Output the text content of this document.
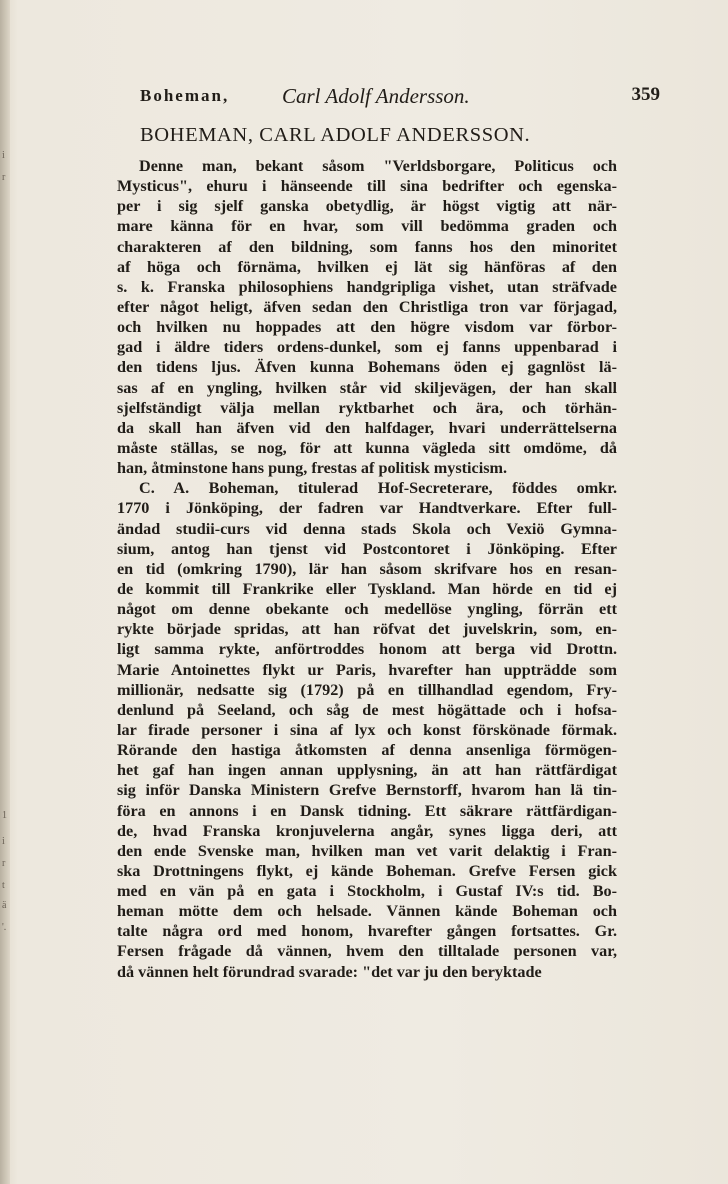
i
r
1
i
r
t
ä
'.
Boheman,	Carl Adolf Andersson.	359
BOHEMAN, CARL ADOLF ANDERSSON.
Denne man, bekant såsom "Verldsborgare, Politicus och
Mysticus", ehuru i hänseende till sina bedrifter och egenska-
per i sig sjelf ganska obetydlig, är högst vigtig att när-
mare känna för en hvar, som vill bedömma graden och
charakteren af den bildning, som fanns hos den minoritet
af höga och förnäma, hvilken ej lät sig hänföras af den
s. k. Franska philosophiens handgripliga vishet, utan sträfvade
efter något heligt, äfven sedan den Christliga tron var förjagad,
och hvilken nu hoppades att den högre visdom var förbor-
gad i äldre tiders ordens-dunkel, som ej fanns uppenbarad i
den tidens ljus. Äfven kunna Bohemans öden ej gagnlöst lä-
sas af en yngling, hvilken står vid skiljevägen, der han skall
sjelfständigt välja mellan ryktbarhet och ära, och törhän-
da skall han äfven vid den halfdager, hvari underrättelserna
måste ställas, se nog, för att kunna vägleda sitt omdöme, då
han, åtminstone hans pung, frestas af politisk mysticism.
C. A. Boheman, titulerad Hof-Secreterare, föddes omkr.
1770 i Jönköping, der fadren var Handtverkare. Efter full-
ändad studii-curs vid denna stads Skola och Vexiö Gymna-
sium, antog han tjenst vid Postcontoret i Jönköping. Efter
en tid (omkring 1790), lär han såsom skrifvare hos en resan-
de kommit till Frankrike eller Tyskland. Man hörde en tid ej
något om denne obekante och medellöse yngling, förrän ett
rykte började spridas, att han röfvat det juvelskrin, som, en-
ligt samma rykte, anförtroddes honom att berga vid Drottn.
Marie Antoinettes flykt ur Paris, hvarefter han uppträdde som
millionär, nedsatte sig (1792) på en tillhandlad egendom, Fry-
denlund på Seeland, och såg de mest högättade och i hofsa-
lar firade personer i sina af lyx och konst förskönade förmak.
Rörande den hastiga åtkomsten af denna ansenliga förmögen-
het gaf han ingen annan upplysning, än att han rättfärdigat
sig inför Danska Ministern Grefve Bernstorff, hvarom han lä tin-
föra en annons i en Dansk tidning. Ett säkrare rättfärdigan-
de, hvad Franska kronjuvelerna angår, synes ligga deri, att
den ende Svenske man, hvilken man vet varit delaktig i Fran-
ska Drottningens flykt, ej kände Boheman. Grefve Fersen gick
med en vän på en gata i Stockholm, i Gustaf IV:s tid. Bo-
heman mötte dem och helsade. Vännen kände Boheman och
talte några ord med honom, hvarefter gången fortsattes. Gr.
Fersen frågade då vännen, hvem den tilltalade personen var,
då vännen helt förundrad svarade: "det var ju den beryktade
